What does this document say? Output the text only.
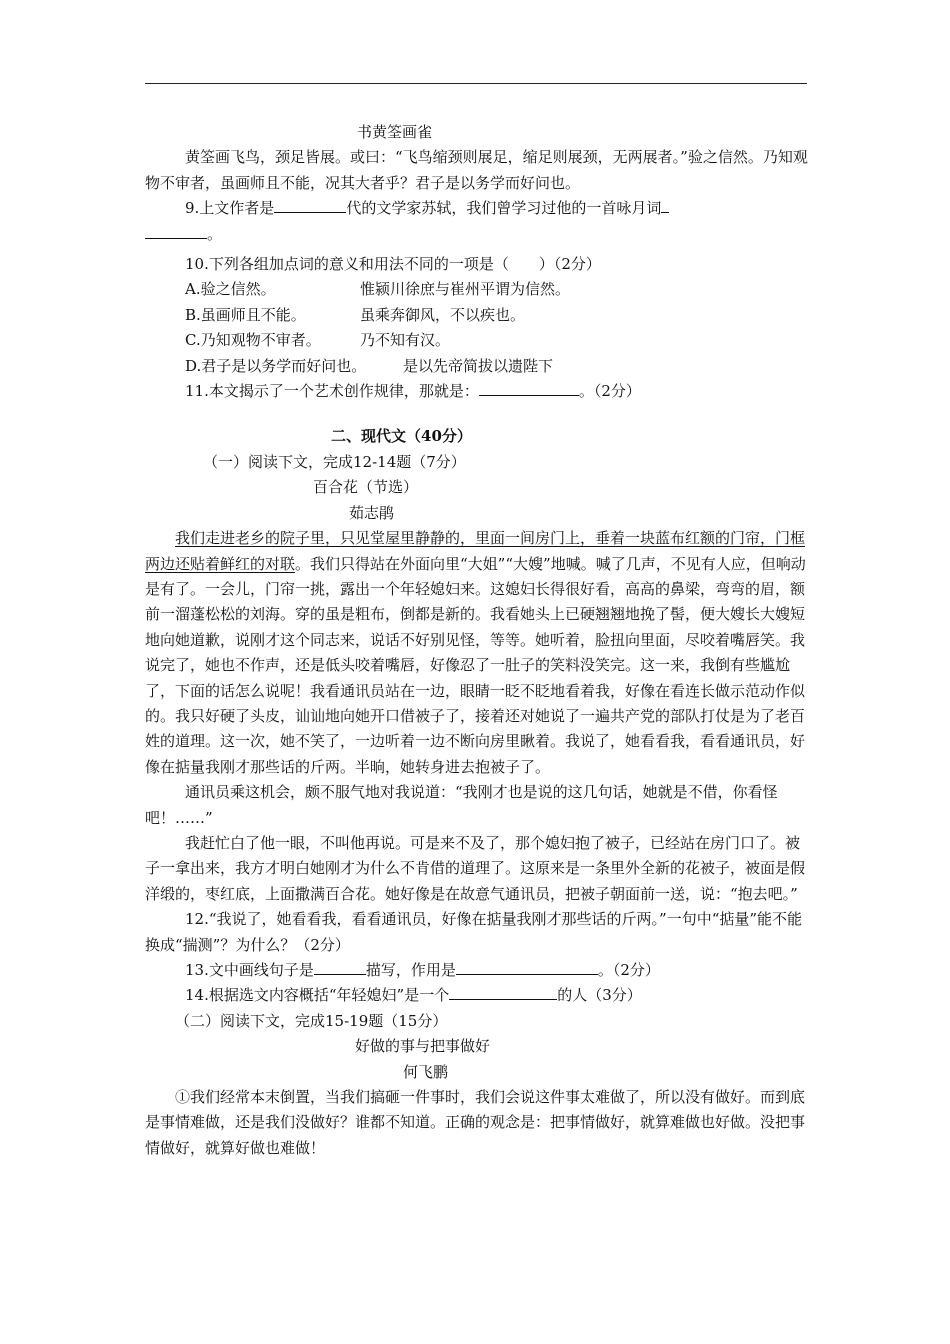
书黄筌画雀

黄筌画飞鸟，颈足皆展。或曰：“飞鸟缩颈则展足，缩足则展颈，无两展者。”验之信然。乃知观物不审者，虽画师且不能，况其大者乎？君子是以务学而好问也。

9.上文作者是	代的文学家苏轼，我们曾学习过他的一首咏月词

。

10.下列各组加点词的意义和用法不同的一项是（　　）（2分）

A.验之信然。	惟颍川徐庶与崔州平谓为信然。

B.虽画师且不能。	虽乘奔御风，不以疾也。

C.乃知观物不审者。	乃不知有汉。

D.君子是以务学而好问也。 是以先帝简拔以遗陛下

11.本文揭示了一个艺术创作规律，那就是：	。（2分）

二、现代文（40分）

（一）阅读下文，完成12-14题（7分）

百合花（节选）

茹志鹃

我们走进老乡的院子里，只见堂屋里静静的，里面一间房门上，垂着一块蓝布红额的门帘，门框两边还贴着鲜红的对联。我们只得站在外面向里“大姐”“大嫂”地喊。喊了几声，不见有人应，但响动是有了。一会儿，门帘一挑，露出一个年轻媳妇来。这媳妇长得很好看，高高的鼻梁，弯弯的眉，额前一溜蓬松松的刘海。穿的虽是粗布，倒都是新的。我看她头上已硬翘翘地挽了髻，便大嫂长大嫂短地向她道歉，说刚才这个同志来，说话不好别见怪，等等。她听着，脸扭向里面，尽咬着嘴唇笑。我说完了，她也不作声，还是低头咬着嘴唇，好像忍了一肚子的笑料没笑完。这一来，我倒有些尴尬了，下面的话怎么说呢！我看通讯员站在一边，眼睛一眨不眨地看着我，好像在看连长做示范动作似的。我只好硬了头皮，讪讪地向她开口借被子了，接着还对她说了一遍共产党的部队打仗是为了老百姓的道理。这一次，她不笑了，一边听着一边不断向房里瞅着。我说了，她看看我，看看通讯员，好像在掂量我刚才那些话的斤两。半晌，她转身进去抱被子了。

通讯员乘这机会，颇不服气地对我说道：“我刚才也是说的这几句话，她就是不借，你看怪吧！……”

我赶忙白了他一眼，不叫他再说。可是来不及了，那个媳妇抱了被子，已经站在房门口了。被子一拿出来，我方才明白她刚才为什么不肯借的道理了。这原来是一条里外全新的花被子，被面是假洋缎的，枣红底，上面撒满百合花。她好像是在故意气通讯员，把被子朝面前一送，说：“抱去吧。”

12.“我说了，她看看我，看看通讯员，好像在掂量我刚才那些话的斤两。”一句中“掂量”能不能换成“揣测”？为什么？（2分）

13.文中画线句子是	描写，作用是	。（2分）

14.根据选文内容概括“年轻媳妇”是一个	的人（3分）

（二）阅读下文，完成15-19题（15分）

好做的事与把事做好

何飞鹏

①我们经常本末倒置，当我们搞砸一件事时，我们会说这件事太难做了，所以没有做好。而到底是事情难做，还是我们没做好？谁都不知道。正确的观念是：把事情做好，就算难做也好做。没把事情做好，就算好做也难做！
